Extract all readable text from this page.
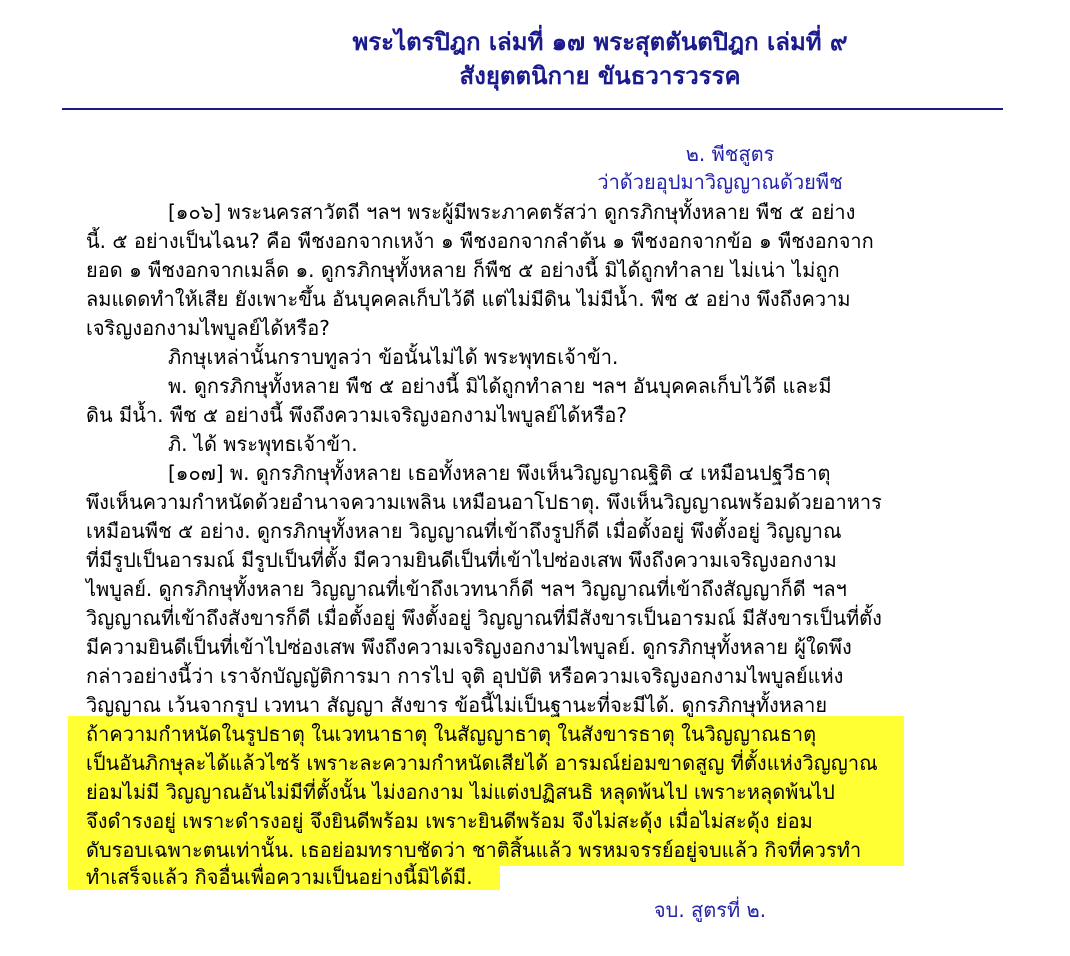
พระไตรปิฎก เล่มที่ ๑๗ พระสุตตันตปิฎก เล่มที่ ๙
สังยุตตนิกาย ขันธวารวรรค
๒. พีชสูตร
ว่าด้วยอุปมาวิญญาณด้วยพืช
[๑๐๖] พระนครสาวัตถี ฯลฯ พระผู้มีพระภาคตรัสว่า ดูกรภิกษุทั้งหลาย พืช ๕ อย่าง
นี้. ๕ อย่างเป็นไฉน? คือ พืชงอกจากเหง้า ๑ พืชงอกจากลำต้น ๑ พืชงอกจากข้อ ๑ พืชงอกจาก
ยอด ๑ พืชงอกจากเมล็ด ๑. ดูกรภิกษุทั้งหลาย ก็พืช ๕ อย่างนี้ มิได้ถูกทำลาย ไม่เน่า ไม่ถูก
ลมแดดทำให้เสีย ยังเพาะขึ้น อันบุคคลเก็บไว้ดี แต่ไม่มีดิน ไม่มีน้ำ. พืช ๕ อย่าง พึงถึงความ
เจริญงอกงามไพบูลย์ได้หรือ?
ภิกษุเหล่านั้นกราบทูลว่า ข้อนั้นไม่ได้ พระพุทธเจ้าข้า.
พ. ดูกรภิกษุทั้งหลาย พืช ๕ อย่างนี้ มิได้ถูกทำลาย ฯลฯ อันบุคคลเก็บไว้ดี และมี
ดิน มีน้ำ. พืช ๕ อย่างนี้ พึงถึงความเจริญงอกงามไพบูลย์ได้หรือ?
ภิ. ได้ พระพุทธเจ้าข้า.
[๑๐๗] พ. ดูกรภิกษุทั้งหลาย เธอทั้งหลาย พึงเห็นวิญญาณฐิติ ๔ เหมือนปฐวีธาตุ
พึงเห็นความกำหนัดด้วยอำนาจความเพลิน เหมือนอาโปธาตุ. พึงเห็นวิญญาณพร้อมด้วยอาหาร
เหมือนพืช ๕ อย่าง. ดูกรภิกษุทั้งหลาย วิญญาณที่เข้าถึงรูปก็ดี เมื่อตั้งอยู่ พึงตั้งอยู่ วิญญาณ
ที่มีรูปเป็นอารมณ์ มีรูปเป็นที่ตั้ง มีความยินดีเป็นที่เข้าไปซ่องเสพ พึงถึงความเจริญงอกงาม
ไพบูลย์. ดูกรภิกษุทั้งหลาย วิญญาณที่เข้าถึงเวทนาก็ดี ฯลฯ วิญญาณที่เข้าถึงสัญญาก็ดี ฯลฯ
วิญญาณที่เข้าถึงสังขารก็ดี เมื่อตั้งอยู่ พึงตั้งอยู่ วิญญาณที่มีสังขารเป็นอารมณ์ มีสังขารเป็นที่ตั้ง
มีความยินดีเป็นที่เข้าไปซ่องเสพ พึงถึงความเจริญงอกงามไพบูลย์. ดูกรภิกษุทั้งหลาย ผู้ใดพึง
กล่าวอย่างนี้ว่า เราจักบัญญัติการมา การไป จุติ อุปบัติ หรือความเจริญงอกงามไพบูลย์แห่ง
วิญญาณ เว้นจากรูป เวทนา สัญญา สังขาร ข้อนี้ไม่เป็นฐานะที่จะมีได้. ดูกรภิกษุทั้งหลาย
ถ้าความกำหนัดในรูปธาตุ ในเวทนาธาตุ ในสัญญาธาตุ ในสังขารธาตุ ในวิญญาณธาตุ
เป็นอันภิกษุละได้แล้วไซร้ เพราะละความกำหนัดเสียได้ อารมณ์ย่อมขาดสูญ ที่ตั้งแห่งวิญญาณ
ย่อมไม่มี วิญญาณอันไม่มีที่ตั้งนั้น ไม่งอกงาม ไม่แต่งปฏิสนธิ หลุดพ้นไป เพราะหลุดพ้นไป
จึงดำรงอยู่ เพราะดำรงอยู่ จึงยินดีพร้อม เพราะยินดีพร้อม จึงไม่สะดุ้ง เมื่อไม่สะดุ้ง ย่อม
ดับรอบเฉพาะตนเท่านั้น. เธอย่อมทราบชัดว่า ชาติสิ้นแล้ว พรหมจรรย์อยู่จบแล้ว กิจที่ควรทำ
ทำเสร็จแล้ว กิจอื่นเพื่อความเป็นอย่างนี้มิได้มี.
จบ. สูตรที่ ๒.
